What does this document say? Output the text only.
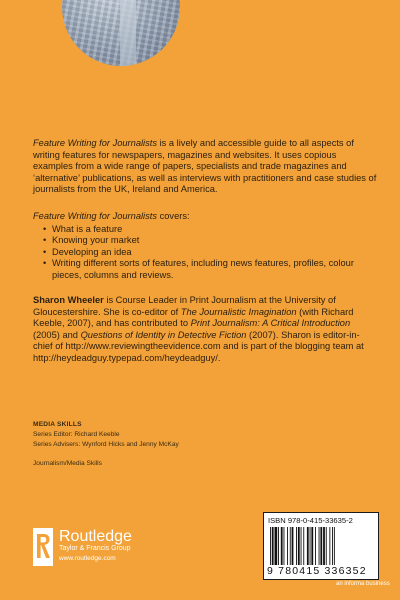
Feature Writing for Journalists is a lively and accessible guide to all aspects of writing features for newspapers, magazines and websites. It uses copious examples from a wide range of papers, specialists and trade magazines and ‘alternative’ publications, as well as interviews with practitioners and case studies of journalists from the UK, Ireland and America.

Feature Writing for Journalists covers:

• What is a feature
• Knowing your market
• Developing an idea
• Writing different sorts of features, including news features, profiles, colour pieces, columns and reviews.

Sharon Wheeler is Course Leader in Print Journalism at the University of Gloucestershire. She is co-editor of The Journalistic Imagination (with Richard Keeble, 2007), and has contributed to Print Journalism: A Critical Introduction (2005) and Questions of Identity in Detective Fiction (2007). Sharon is editor-in-chief of http://www.reviewingtheevidence.com and is part of the blogging team at http://heydeadguy.typepad.com/heydeadguy/.

MEDIA SKILLS
Series Editor: Richard Keeble
Series Advisers: Wynford Hicks and Jenny McKay
Journalism/Media Skills
ISBN 978-0-415-33635-2
9 780415 336352
Routledge
Taylor & Francis Group
www.routledge.com
an informa business
